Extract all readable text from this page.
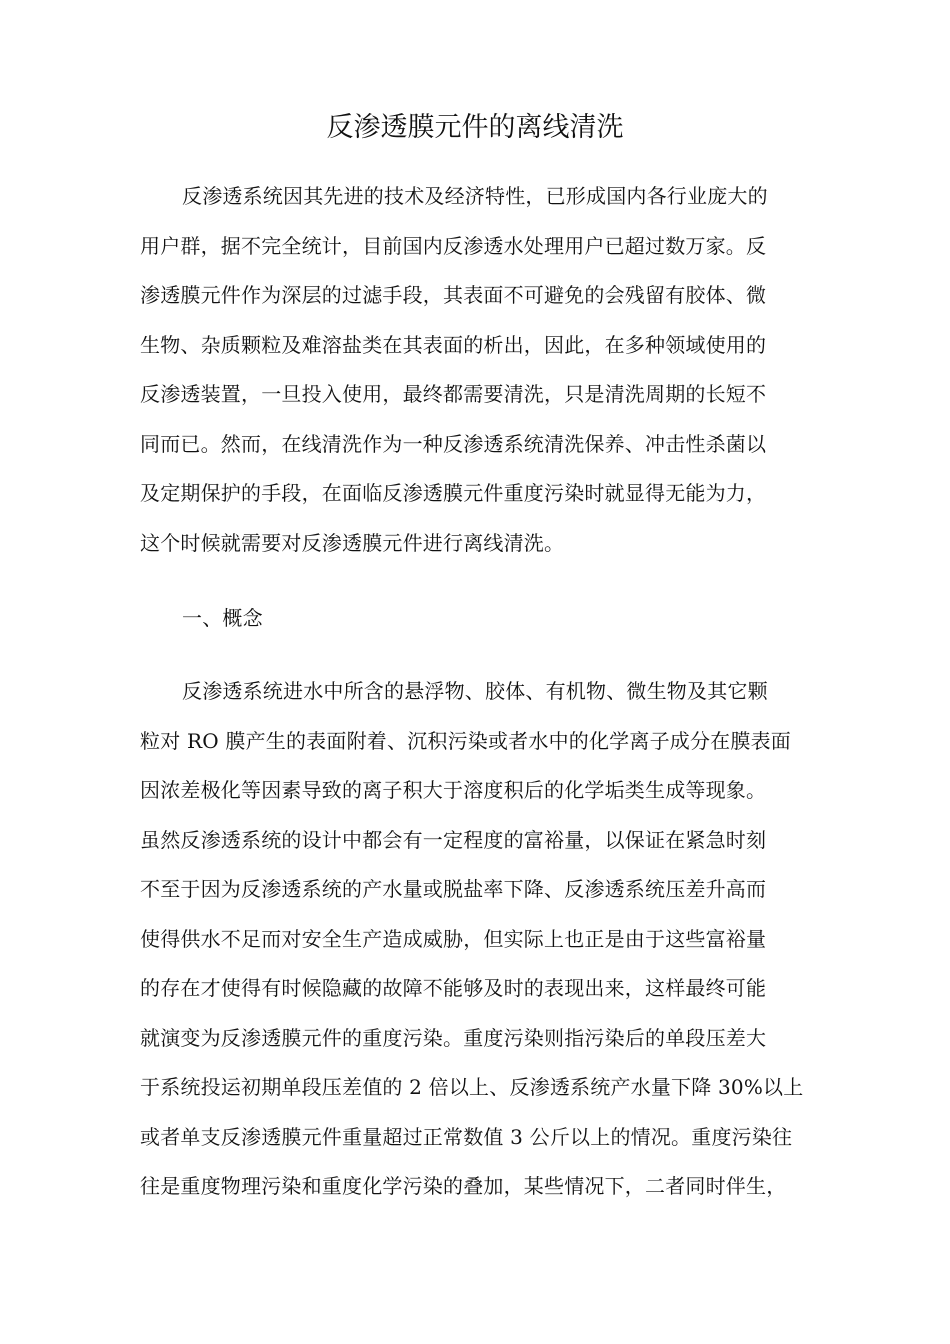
反渗透膜元件的离线清洗
反渗透系统因其先进的技术及经济特性，已形成国内各行业庞大的
用户群，据不完全统计，目前国内反渗透水处理用户已超过数万家。反
渗透膜元件作为深层的过滤手段，其表面不可避免的会残留有胶体、微
生物、杂质颗粒及难溶盐类在其表面的析出，因此，在多种领域使用的
反渗透装置，一旦投入使用，最终都需要清洗，只是清洗周期的长短不
同而已。然而，在线清洗作为一种反渗透系统清洗保养、冲击性杀菌以
及定期保护的手段，在面临反渗透膜元件重度污染时就显得无能为力，
这个时候就需要对反渗透膜元件进行离线清洗。
一、概念
反渗透系统进水中所含的悬浮物、胶体、有机物、微生物及其它颗
粒对 RO 膜产生的表面附着、沉积污染或者水中的化学离子成分在膜表面
因浓差极化等因素导致的离子积大于溶度积后的化学垢类生成等现象。
虽然反渗透系统的设计中都会有一定程度的富裕量，以保证在紧急时刻
不至于因为反渗透系统的产水量或脱盐率下降、反渗透系统压差升高而
使得供水不足而对安全生产造成威胁，但实际上也正是由于这些富裕量
的存在才使得有时候隐藏的故障不能够及时的表现出来，这样最终可能
就演变为反渗透膜元件的重度污染。重度污染则指污染后的单段压差大
于系统投运初期单段压差值的 2 倍以上、反渗透系统产水量下降 30%以上
或者单支反渗透膜元件重量超过正常数值 3 公斤以上的情况。重度污染往
往是重度物理污染和重度化学污染的叠加，某些情况下，二者同时伴生，
